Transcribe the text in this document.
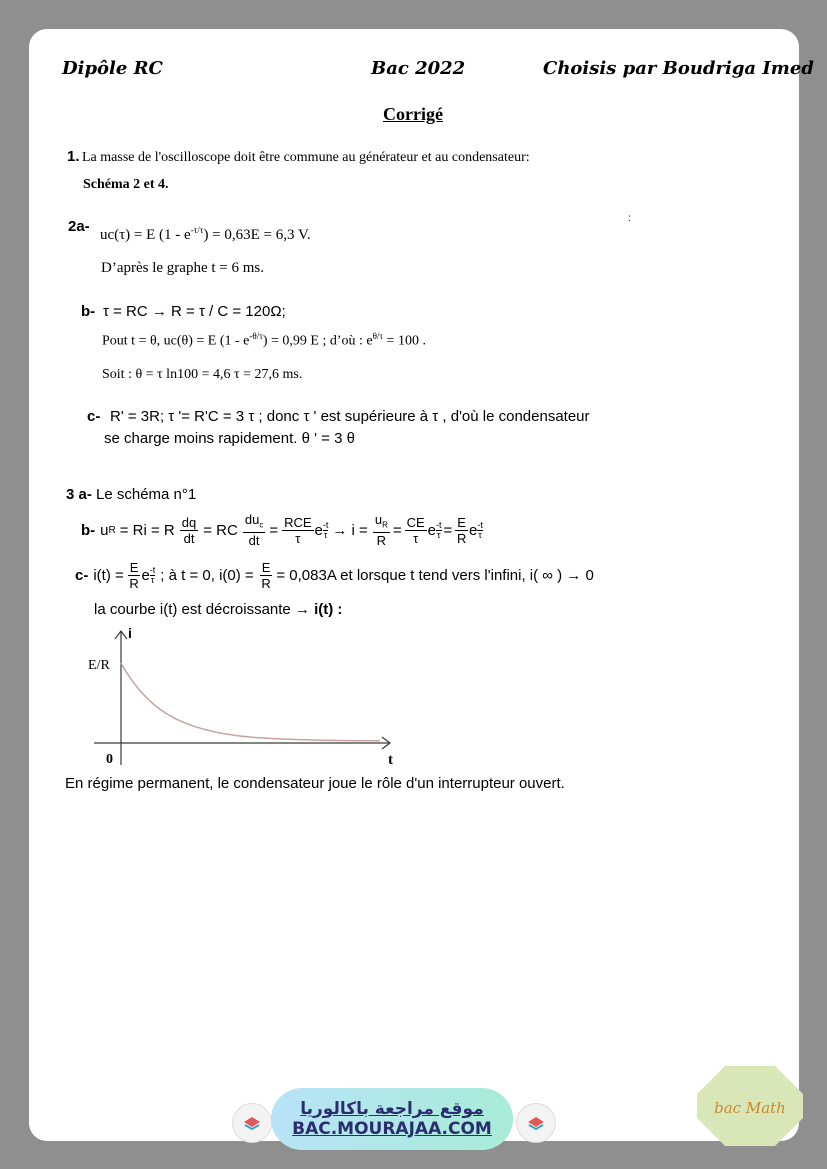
Dipôle RC	Bac 2022	Choisis par Boudriga Imed
Corrigé
1. La masse de l'oscilloscope doit être commune au générateur et au condensateur:
Schéma 2 et 4.
2a- uc(τ) = E $(1 - e^{-\tau/\tau}) = 0,63E = 6,3$ V.
D’après le graphe t = 6 ms.
b- τ = RC → R = τ / C = 120Ω;
Pout t = θ, uc(θ) = E $(1 - e^{-\theta/\tau}) = 0,99$ E ; d’où : $e^{\theta/\tau} = 100$ .
Soit : θ = τ ln100 = 4,6 τ = 27,6 ms.
c- R' = 3R; τ '= R'C = 3 τ ; donc τ ' est supérieure à τ , d'où le condensateur
se charge moins rapidement. θ ' = 3 θ
3 a- Le schéma n°1
b- u R = Ri = R $\frac{dq}{dt}$ = RC $\frac{du_c}{dt} = \frac{\text{RCE}}{\tau}$ e -t
$\tau \to i = \frac{u_R}{R} = \frac{CE}{\tau}$ e $\frac{-t}{\tau} = \frac{E}{R}$ e -t
τ
c- $i(t) = \frac{E}{R}$ e -t
τ ; à t = 0, $i(0) = \frac{E}{R} = 0,083A$ et lorsque t tend vers l'infini, i( ∞ ) → 0
la courbe i(t) est décroissante → i(t) :
i
t
0
E/R
En régime permanent, le condensateur joue le rôle d'un interrupteur ouvert.
:
موقع مراجعة باكالوريا
BAC.MOURAJAA.COM
bac Math
